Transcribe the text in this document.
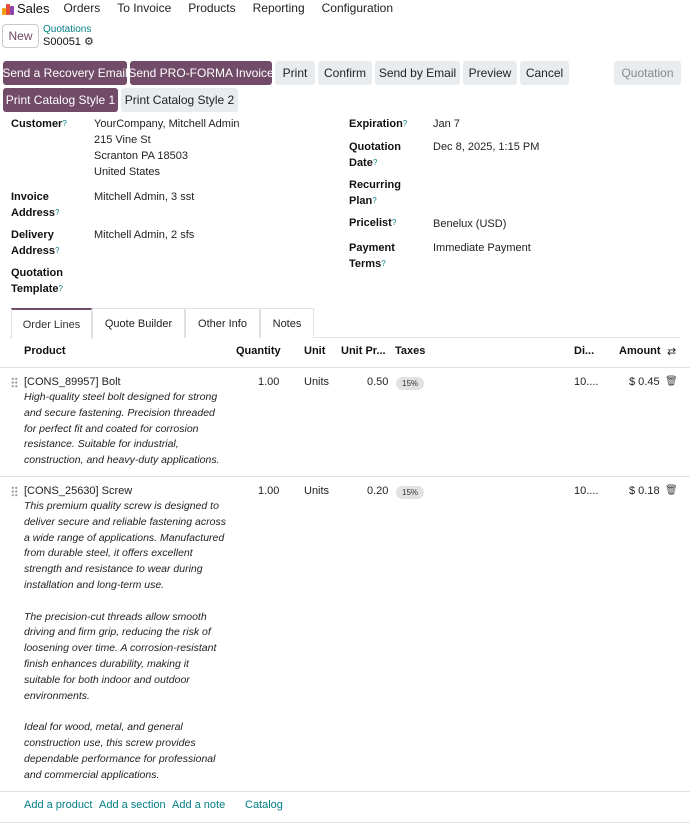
Sales Orders To Invoice Products Reporting Configuration
New	Quotations
S00051 ⚙
Send a Recovery Email Send PRO-FORMA Invoice Print	Confirm	Send by Email	Preview	Cancel	Quotation
Print Catalog Style 1 Print Catalog Style 2
Customer? YourCompany, Mitchell Admin
215 Vine St
Scranton PA 18503
United States
Invoice
Address?
Mitchell Admin, 3 sst
Delivery
Address?
Mitchell Admin, 2 sfs
Quotation
Template?
Expiration? Jan 7
Quotation
Date?
Dec 8, 2025, 1:15 PM
Recurring
Plan?
Pricelist?	Benelux (USD)
Payment
Terms?
Immediate Payment
Order Lines	Quote Builder	Other Info	Notes
Product	Quantity Unit Unit Pr... Taxes	Di... Amount ⇄
[CONS_89957] Bolt
High-quality steel bolt designed for strong
and secure fastening. Precision threaded
for perfect fit and coated for corrosion
resistance. Suitable for industrial,
construction, and heavy-duty applications.
1.00 Units	0.50	15%	10....	$ 0.45 🗑
[CONS_25630] Screw
This premium quality screw is designed to
deliver secure and reliable fastening across
a wide range of applications. Manufactured
from durable steel, it offers excellent
strength and resistance to wear during
installation and long-term use.

The precision-cut threads allow smooth
driving and firm grip, reducing the risk of
loosening over time. A corrosion-resistant
finish enhances durability, making it
suitable for both indoor and outdoor
environments.

Ideal for wood, metal, and general
construction use, this screw provides
dependable performance for professional
and commercial applications.
1.00 Units	0.20	15%	10....	$ 0.18 🗑
Add a product Add a section Add a note Catalog
